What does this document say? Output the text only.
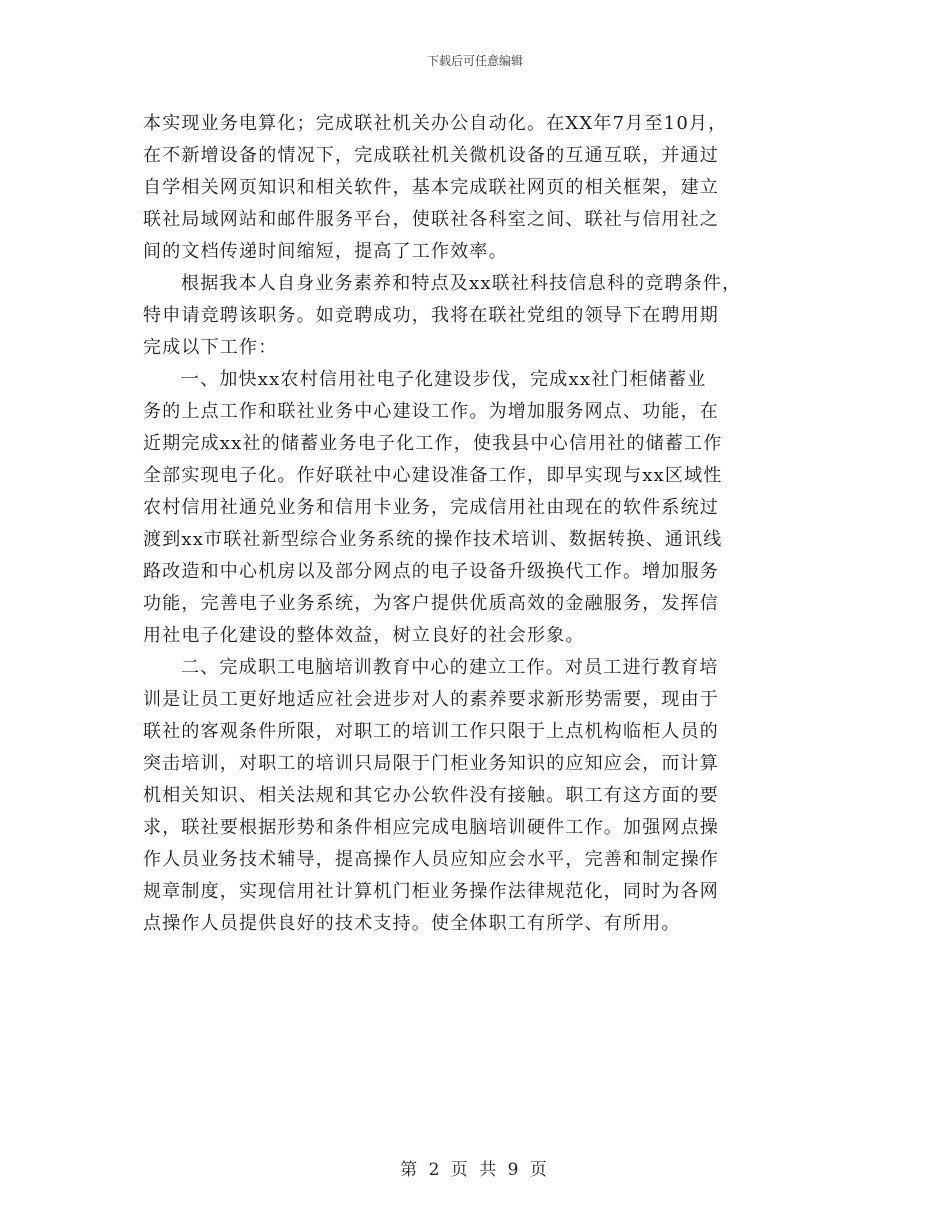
下载后可任意编辑

本实现业务电算化；完成联社机关办公自动化。在XX年7月至10月，
在不新增设备的情况下，完成联社机关微机设备的互通互联，并通过
自学相关网页知识和相关软件，基本完成联社网页的相关框架，建立
联社局域网站和邮件服务平台，使联社各科室之间、联社与信用社之
间的文档传递时间缩短，提高了工作效率。

根据我本人自身业务素养和特点及xx联社科技信息科的竞聘条件，
特申请竞聘该职务。如竞聘成功，我将在联社党组的领导下在聘用期
完成以下工作：

一、加快xx农村信用社电子化建设步伐，完成xx社门柜储蓄业
务的上点工作和联社业务中心建设工作。为增加服务网点、功能，在
近期完成xx社的储蓄业务电子化工作，使我县中心信用社的储蓄工作
全部实现电子化。作好联社中心建设准备工作，即早实现与xx区域性
农村信用社通兑业务和信用卡业务，完成信用社由现在的软件系统过
渡到xx市联社新型综合业务系统的操作技术培训、数据转换、通讯线
路改造和中心机房以及部分网点的电子设备升级换代工作。增加服务
功能，完善电子业务系统，为客户提供优质高效的金融服务，发挥信
用社电子化建设的整体效益，树立良好的社会形象。

二、完成职工电脑培训教育中心的建立工作。对员工进行教育培
训是让员工更好地适应社会进步对人的素养要求新形势需要，现由于
联社的客观条件所限，对职工的培训工作只限于上点机构临柜人员的
突击培训，对职工的培训只局限于门柜业务知识的应知应会，而计算
机相关知识、相关法规和其它办公软件没有接触。职工有这方面的要
求，联社要根据形势和条件相应完成电脑培训硬件工作。加强网点操
作人员业务技术辅导，提高操作人员应知应会水平，完善和制定操作
规章制度，实现信用社计算机门柜业务操作法律规范化，同时为各网
点操作人员提供良好的技术支持。使全体职工有所学、有所用。

第 2 页 共 9 页
